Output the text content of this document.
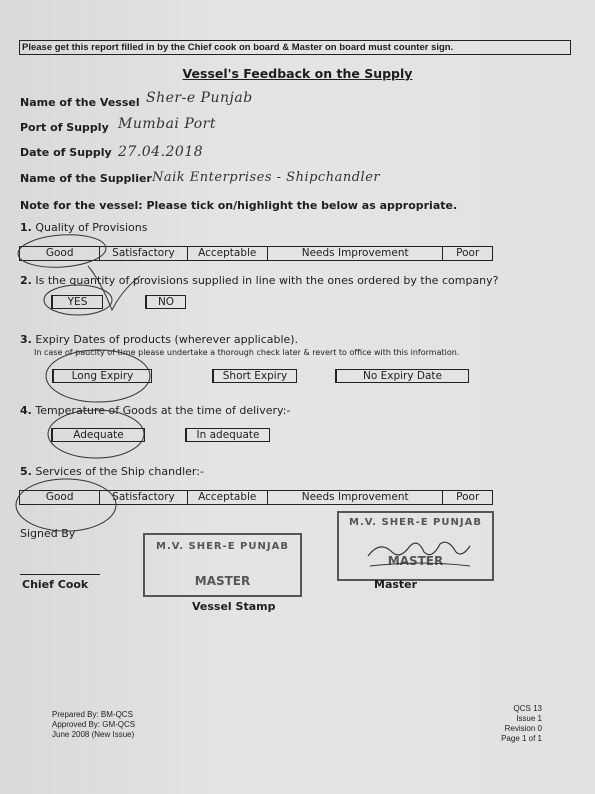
Please get this report filled in by the Chief cook on board & Master on board must counter sign.
Vessel's Feedback on the Supply
Name of the Vessel Sher-e Punjab
Port of Supply Mumbai Port
Date of Supply 27.04.2018
Name of the Supplier Naik Enterprises - Shipchandler
Note for the vessel: Please tick on/highlight the below as appropriate.
1. Quality of Provisions
Good	Satisfactory	Acceptable	Needs Improvement	Poor
2. Is the quantity of provisions supplied in line with the ones ordered by the company?
YES	NO
3. Expiry Dates of products (wherever applicable).
In case of paucity of time please undertake a thorough check later & revert to office with this information.
Long Expiry	Short Expiry	No Expiry Date
4. Temperature of Goods at the time of delivery:-
Adequate	In adequate
5. Services of the Ship chandler:-
Good	Satisfactory	Acceptable	Needs Improvement	Poor
Signed By
Chief Cook
M.V. SHER-E PUNJAB
MASTER
Vessel Stamp
M.V. SHER-E PUNJAB
MASTER
Master
Prepared By: BM-QCS
Approved By: GM-QCS
June 2008 (New Issue)
QCS 13
Issue 1
Revision 0
Page 1 of 1
